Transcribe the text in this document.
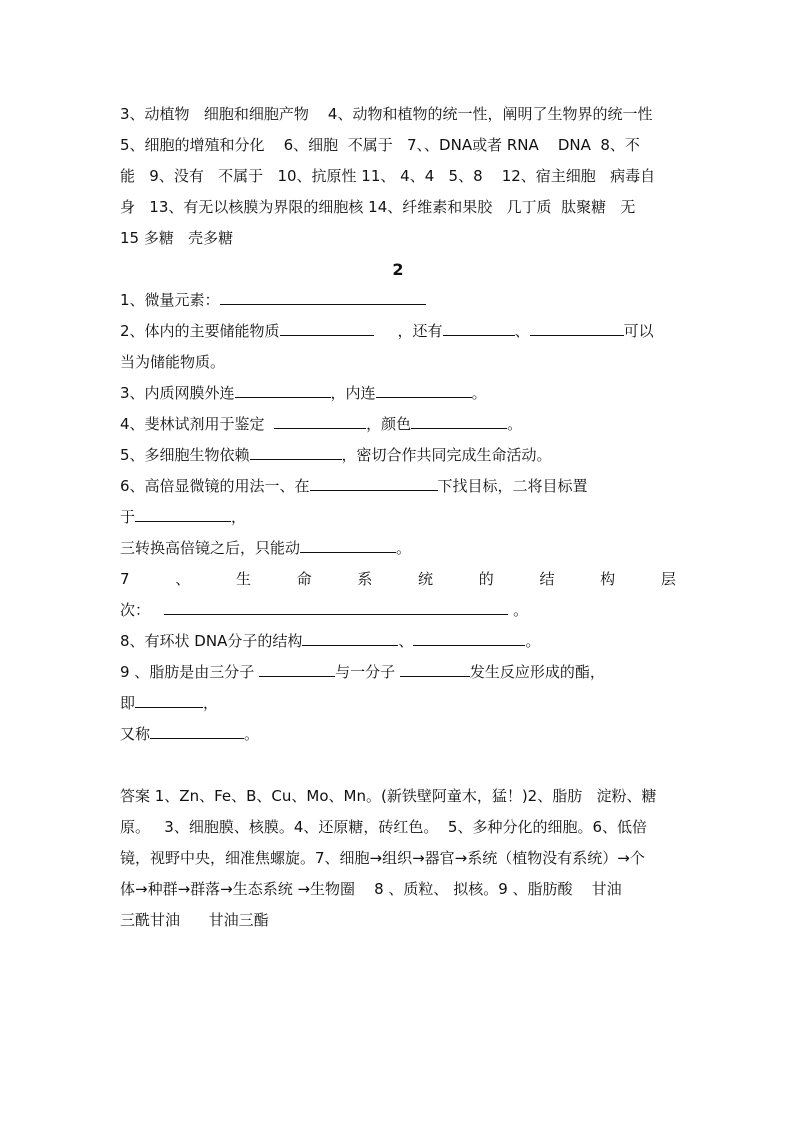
3、动植物   细胞和细胞产物    4、动物和植物的统一性，阐明了生物界的统一性

5、细胞的增殖和分化    6、细胞  不属于   7、、DNA或者 RNA    DNA  8、不

能   9、没有   不属于   10、抗原性 11、 4、4   5、8    12、宿主细胞   病毒自

身   13、有无以核膜为界限的细胞核 14、纤维素和果胶   几丁质  肽聚糖   无

15 多糖   壳多糖

2

1、微量元素：

2、体内的主要储能物质	，还有	、	可以

当为储能物质。

3、内质网膜外连	，内连	。

4、斐林试剂用于鉴定	，颜色	。

5、多细胞生物依赖	，密切合作共同完成生命活动。

6、高倍显微镜的用法一、在	下找目标，二将目标置

于	，

三转换高倍镜之后，只能动	。

7	、	生	命	系	统	的	结	构	层

次：	。

8、有环状 DNA分子的结构	、	。

9 、脂肪是由三分子	与一分子	发生反应形成的酯，

即	，

又称	。

答案 1、Zn、Fe、B、Cu、Mo、Mn。(新铁壁阿童木，猛！)2、脂肪   淀粉、糖

原。   3、细胞膜、核膜。4、还原糖，砖红色。  5、多种分化的细胞。6、低倍

镜，视野中央，细准焦螺旋。7、细胞→组织→器官→系统（植物没有系统）→个

体→种群→群落→生态系统 →生物圈    8 、质粒、 拟核。9 、脂肪酸    甘油

三酰甘油      甘油三酯
